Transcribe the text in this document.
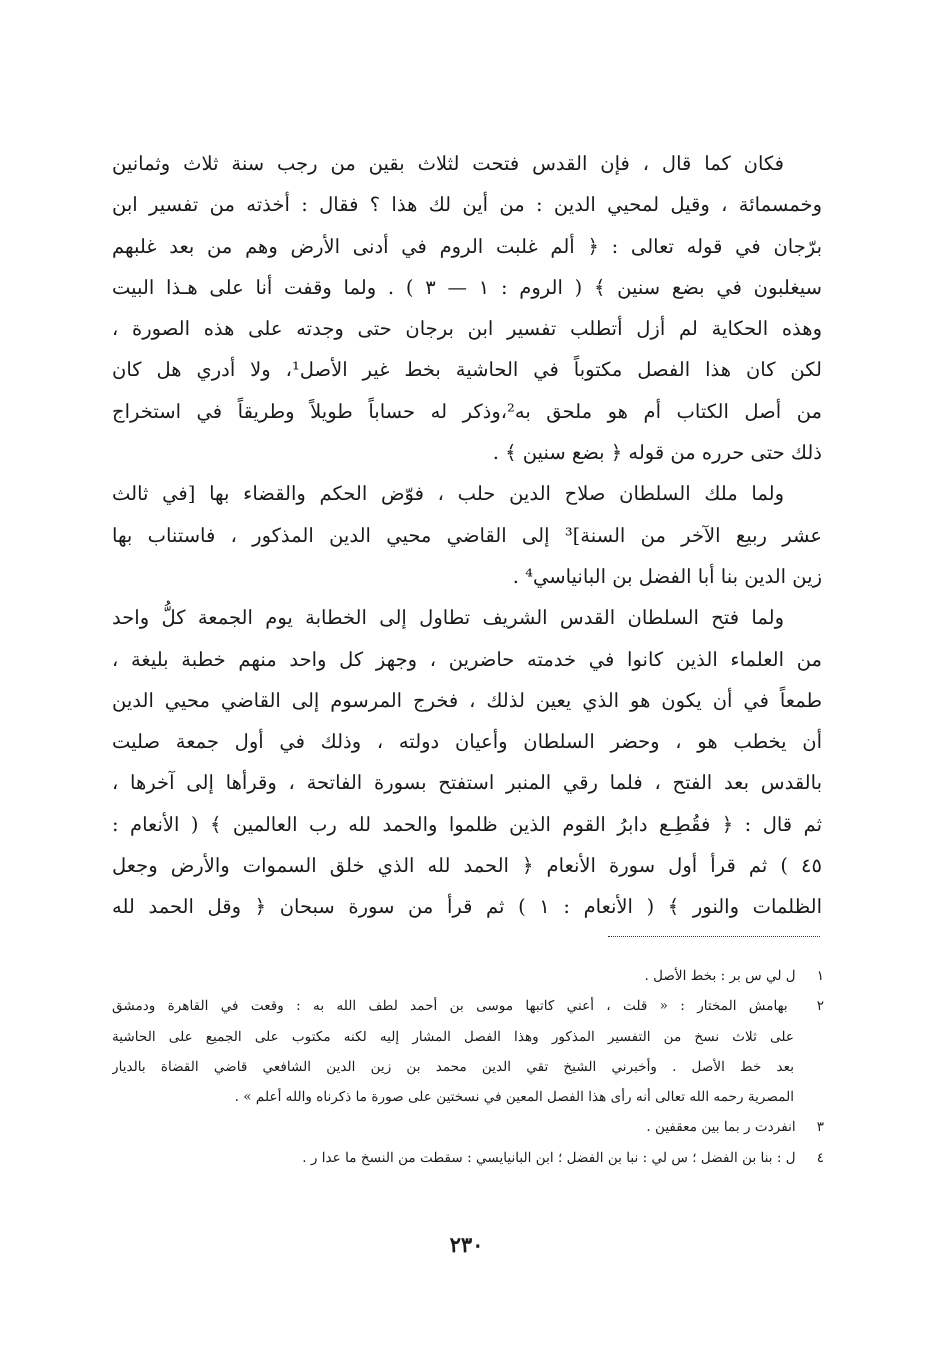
فكان كما قال ، فإن القدس فتحت لثلاث بقين من رجب سنة ثلاث وثمانين
وخمسمائة ، وقيل لمحيي الدين : من أين لك هذا ؟ فقال : أخذته من تفسير ابن
برّجان في قوله تعالى : ﴿ ألم غلبت الروم في أدنى الأرض وهم من بعد غلبهم
سيغلبون في بضع سنين ﴾ ( الروم : ١ — ٣ ) . ولما وقفت أنا على هـذا البيت
وهذه الحكاية لم أزل أتطلب تفسير ابن برجان حتى وجدته على هذه الصورة ،
لكن كان هذا الفصل مكتوباً في الحاشية بخط غير الأصل¹، ولا أدري هل كان
من أصل الكتاب أم هو ملحق به²،وذكر له حساباً طويلاً وطريقاً في استخراج
ذلك حتى حرره من قوله ﴿ بضع سنين ﴾ .
ولما ملك السلطان صلاح الدين حلب ، فوّض الحكم والقضاء بها [في ثالث
عشر ربيع الآخر من السنة]³ إلى القاضي محيي الدين المذكور ، فاستناب بها
زين الدين بنا أبا الفضل بن البانياسي⁴ .
ولما فتح السلطان القدس الشريف تطاول إلى الخطابة يوم الجمعة كلُّ واحد
من العلماء الذين كانوا في خدمته حاضرين ، وجهز كل واحد منهم خطبة بليغة ،
طمعاً في أن يكون هو الذي يعين لذلك ، فخرج المرسوم إلى القاضي محيي الدين
أن يخطب هو ، وحضر السلطان وأعيان دولته ، وذلك في أول جمعة صليت
بالقدس بعد الفتح ، فلما رقي المنبر استفتح بسورة الفاتحة ، وقرأها إلى آخرها ،
ثم قال : ﴿ فقُطِـع دابرُ القوم الذين ظلموا والحمد لله رب العالمين ﴾ ( الأنعام :
٤٥ ) ثم قرأ أول سورة الأنعام ﴿ الحمد لله الذي خلق السموات والأرض وجعل
الظلمات والنور ﴾ ( الأنعام : ١ ) ثم قرأ من سورة سبحان ﴿ وقل الحمد لله
١ ل لي س بر : بخط الأصل .
٢ بهامش المختار : « قلت ، أعني كاتبها موسى بن أحمد لطف الله به : وقعت في القاهرة ودمشق
على ثلاث نسخ من التفسير المذكور وهذا الفصل المشار إليه لكنه مكتوب على الجميع على الحاشية
بعد خط الأصل . وأخبرني الشيخ تقي الدين محمد بن زين الدين الشافعي قاضي القضاة بالديار
المصرية رحمه الله تعالى أنه رأى هذا الفصل المعين في نسختين على صورة ما ذكرناه والله أعلم » .
٣ انفردت ر بما بين معقفين .
٤ ل : بنا بن الفضل ؛ س لي : نبا بن الفضل ؛ ابن البانيايسي : سقطت من النسخ ما عدا ر .
٢٣٠
